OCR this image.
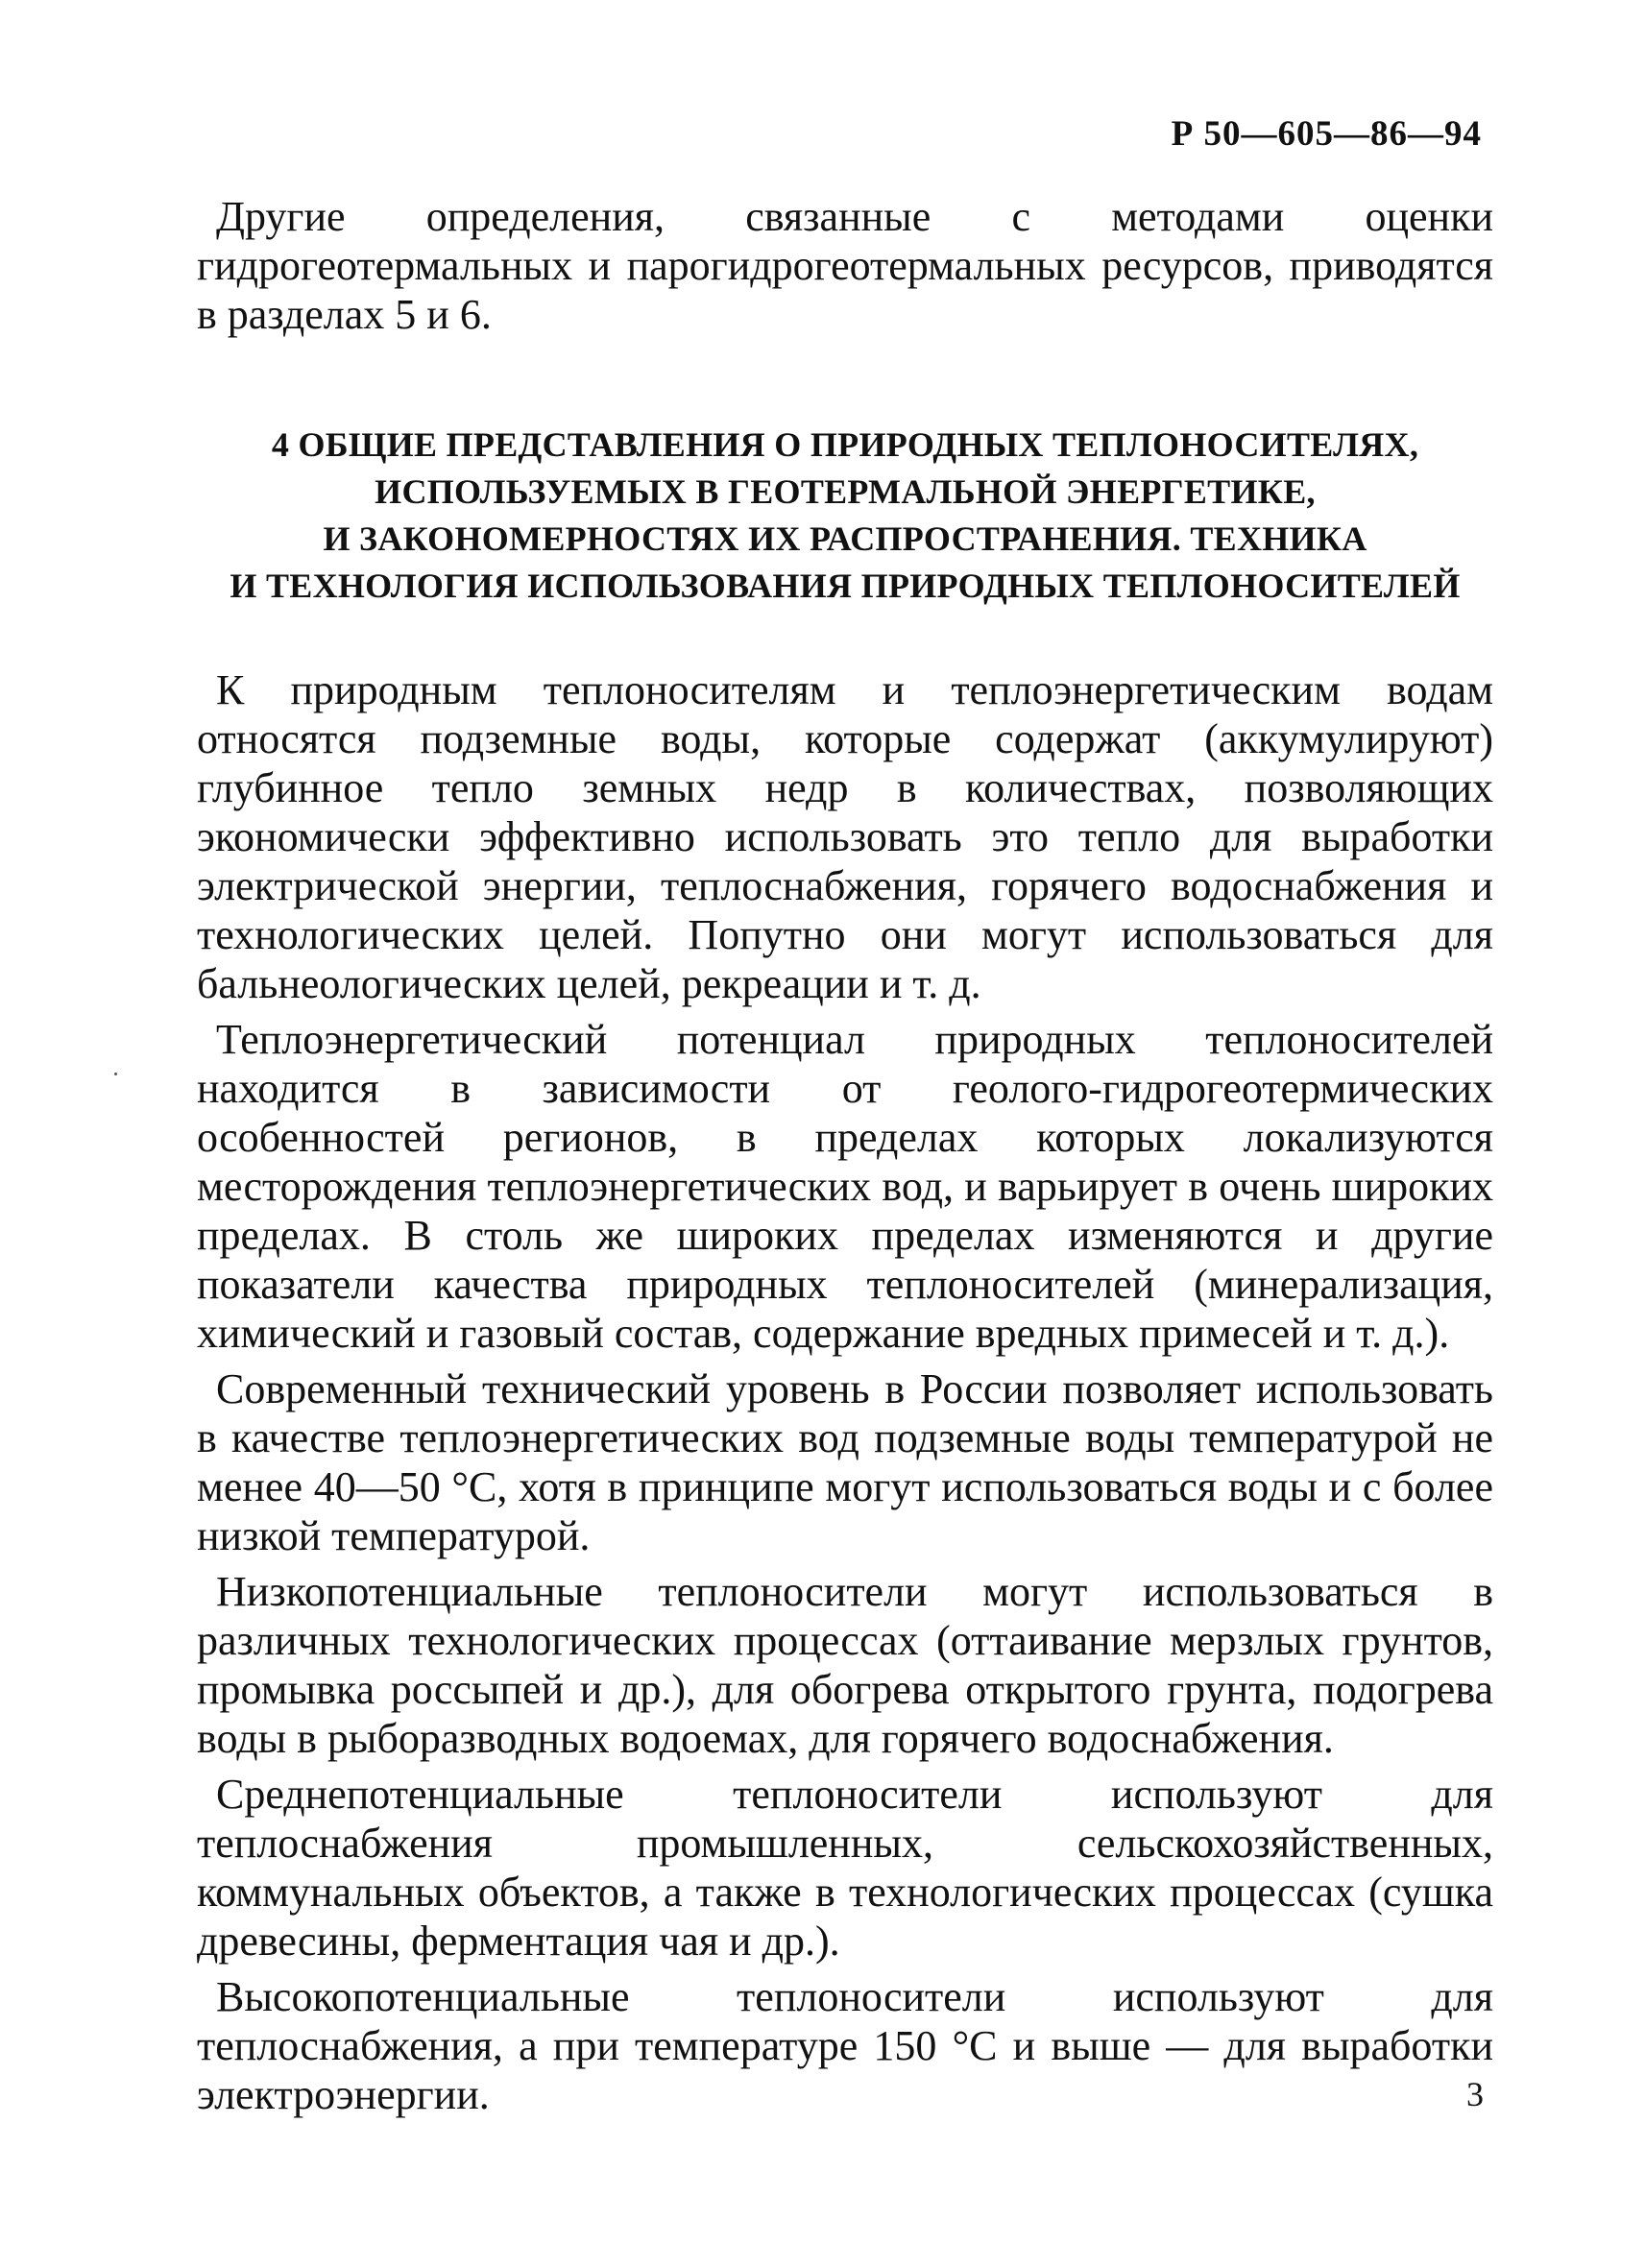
Р 50—605—86—94

Другие определения, связанные с методами оценки гидрогеотермальных и парогидрогеотермальных ресурсов, приводятся в разделах 5 и 6.

4 ОБЩИЕ ПРЕДСТАВЛЕНИЯ О ПРИРОДНЫХ ТЕПЛОНОСИТЕЛЯХ,
ИСПОЛЬЗУЕМЫХ В ГЕОТЕРМАЛЬНОЙ ЭНЕРГЕТИКЕ,
И ЗАКОНОМЕРНОСТЯХ ИХ РАСПРОСТРАНЕНИЯ. ТЕХНИКА
И ТЕХНОЛОГИЯ ИСПОЛЬЗОВАНИЯ ПРИРОДНЫХ ТЕПЛОНОСИТЕЛЕЙ

К природным теплоносителям и теплоэнергетическим водам относятся подземные воды, которые содержат (аккумулируют) глубинное тепло земных недр в количествах, позволяющих экономически эффективно использовать это тепло для выработки электрической энергии, теплоснабжения, горячего водоснабжения и технологических целей. Попутно они могут использоваться для бальнеологических целей, рекреации и т. д.

Теплоэнергетический потенциал природных теплоносителей находится в зависимости от геолого-гидрогеотермических особенностей регионов, в пределах которых локализуются месторождения теплоэнергетических вод, и варьирует в очень широких пределах. В столь же широких пределах изменяются и другие показатели качества природных теплоносителей (минерализация, химический и газовый состав, содержание вредных примесей и т. д.).

Современный технический уровень в России позволяет использовать в качестве теплоэнергетических вод подземные воды температурой не менее 40—50 °С, хотя в принципе могут использоваться воды и с более низкой температурой.

Низкопотенциальные теплоносители могут использоваться в различных технологических процессах (оттаивание мерзлых грунтов, промывка россыпей и др.), для обогрева открытого грунта, подогрева воды в рыборазводных водоемах, для горячего водоснабжения.

Среднепотенциальные теплоносители используют для теплоснабжения промышленных, сельскохозяйственных, коммунальных объектов, а также в технологических процессах (сушка древесины, ферментация чая и др.).

Высокопотенциальные теплоносители используют для теплоснабжения, а при температуре 150 °С и выше — для выработки электроэнергии.	3
